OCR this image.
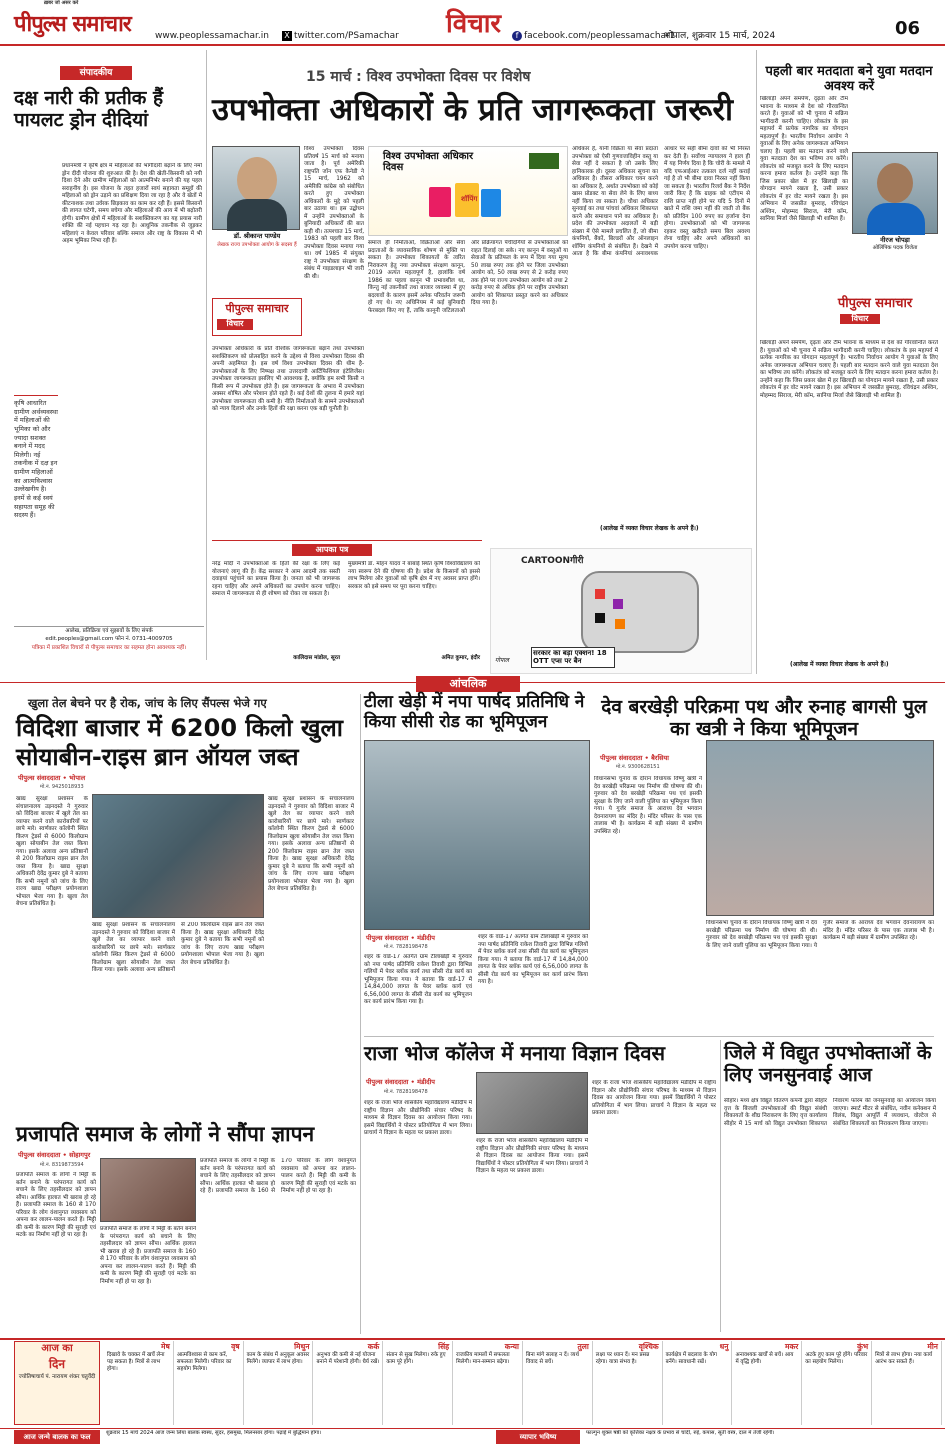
ख़बर जो असर करे
पीपुल्स समाचार	www.peoplessamachar.in X twitter.com/PSamachar विचार	f facebook.com/peoplessamachar1
भोपाल, शुक्रवार 15 मार्च, 2024	06
संपादकीय
दक्ष नारी की प्रतीक हैं पायलट ड्रोन दीदियां
प्रधानमंत्री ने कृषि क्षेत्र में महिलाओं की भागीदारी बढ़ाने के लिए नमो ड्रोन दीदी योजना की शुरुआत की है। देश की खेती-किसानी को नयी दिशा देने और ग्रामीण महिलाओं को आत्मनिर्भर बनाने की यह पहल सराहनीय है। इस योजना के तहत हजारों स्वयं सहायता समूहों की महिलाओं को ड्रोन उड़ाने का प्रशिक्षण दिया जा रहा है और वे खेतों में कीटनाशक तथा उर्वरक छिड़काव का काम कर रही हैं। इससे किसानों की लागत घटेगी, समय बचेगा और महिलाओं की आय में भी बढ़ोतरी होगी। ग्रामीण क्षेत्रों में महिलाओं के सशक्तिकरण का यह प्रयास नारी शक्ति की नई पहचान गढ़ रहा है। आधुनिक तकनीक से जुड़कर महिलाएं न केवल परिवार बल्कि समाज और राष्ट्र के विकास में भी अहम भूमिका निभा रही हैं।
कृषि आधारित ग्रामीण अर्थव्यवस्था में महिलाओं की भूमिका को और ज्यादा सशक्त बनाने में मदद मिलेगी। नई तकनीक में दक्ष इन ग्रामीण महिलाओं का आत्मविश्वास उल्लेखनीय है। इनमें से कई स्वयं सहायता समूह की सदस्य हैं।
आलेख, प्रतिक्रिया एवं सुझावों के लिए संपर्क
edit.peoples@gmail.com फोन नं. 0731-4009705
पत्रिका में प्रकाशित विचारों से पीपुल्स समाचार का सहमत होना आवश्यक नहीं।
15 मार्च : विश्व उपभोक्ता दिवस पर विशेष
उपभोक्ता अधिकारों के प्रति जागरूकता जरूरी
डॉ. श्रीकान्त पाण्डेय
लेखक राज्य उपभोक्ता आयोग के सदस्य हैं
पीपुल्स समाचार
विचार
विश्व उपभोक्ता दिवस प्रतिवर्ष 15 मार्च को मनाया जाता है। पूर्व अमेरिकी राष्ट्रपति जॉन एफ कैनेडी ने 15 मार्च, 1962 को अमेरिकी कांग्रेस को संबोधित करते हुए उपभोक्ता अधिकारों के मुद्दे को पहली बार उठाया था। इस उद्बोधन में उन्होंने उपभोक्ताओं के बुनियादी अधिकारों की बात कही थी। तत्पश्चात 15 मार्च, 1983 को पहली बार विश्व उपभोक्ता दिवस मनाया गया था। वर्ष 1985 में संयुक्त राष्ट्र ने उपभोक्ता संरक्षण के संबंध में गाइडलाइन भी जारी की थी।
उपभोक्ता अधिकारों के प्रति वैश्विक जागरूकता बढ़ाने तथा उपभोक्ता सशक्तिकरण को प्रोत्साहित करने के उद्देश्य से विश्व उपभोक्ता दिवस की अपनी अहमियत है। इस वर्ष विश्व उपभोक्ता दिवस की थीम है- उपभोक्ताओं के लिए निष्पक्ष तथा उत्तरदायी आर्टिफिशियल इंटेलिजेंस। उपभोक्ता जागरूकता इसलिए भी आवश्यक है, क्योंकि हम सभी किसी न किसी रूप में उपभोक्ता होते हैं। इस जागरूकता के अभाव में उपभोक्ता अक्सर शोषित और परेशान होते रहते हैं। कई देशों की तुलना में हमारे यहां उपभोक्ता जागरूकता की कमी है। नीति निर्माताओं के सामने उपभोक्ताओं को न्याय दिलाने और उनके हितों की रक्षा करना एक बड़ी चुनौती है।
विश्व उपभोक्ता अधिकार दिवस
शॉपिंग
समाज ही निर्माताओं, विक्रेताओं और सेवा प्रदाताओं के व्यावसायिक शोषण से मुक्ति पा सकता है। उपभोक्ता शिकायतों के त्वरित निराकरण हेतु नया उपभोक्ता संरक्षण कानून, 2019 अत्यंत महत्वपूर्ण है, हालांकि वर्ष 1986 का पहला कानून भी प्रभावशील था, किन्तु नई तकनीकों तथा बाजार व्यवस्था में हुए बदलावों के कारण इसमें अनेक परिवर्तन जरूरी हो गए थे। नए अधिनियम में कई बुनियादी फेरबदल किए गए हैं, ताकि कानूनी जटिलताओं और प्रक्रियागत पेचीदगियों से उपभोक्ताओं को राहत दिलाई जा सके। नए कानून में वस्तुओं या सेवाओं के प्रतिफल के रूप में दिया गया मूल्य 50 लाख रुपए तक होने पर जिला उपभोक्ता आयोग को, 50 लाख रुपए से 2 करोड़ रुपए तक होने पर राज्य उपभोक्ता आयोग को तथा 2 करोड़ रुपए से अधिक होने पर राष्ट्रीय उपभोक्ता आयोग को शिकायत प्रस्तुत करने का अधिकार दिया गया है।
अधिकार है, यानी विक्रेता या सेवा प्रदाता उपभोक्ता को ऐसी गुणवत्ताविहीन वस्तु या सेवा नहीं दे सकता है जो उसके लिए हानिकारक हो। दूसरा अधिकार सूचना का अधिकार है। तीसरा अधिकार चयन करने का अधिकार है, अर्थात उपभोक्ता को कोई खास प्रोडक्ट या सेवा लेने के लिए बाध्य नहीं किया जा सकता है। चौथा अधिकार सुनवाई का तथा पांचवां अधिकार शिकायत करने और समाधान पाने का अधिकार है। प्रदेश की उपभोक्ता अदालतों में बड़ी संख्या में ऐसे मामले प्रचलित हैं, जो बीमा कंपनियों, बैंकों, बिल्डरों और ऑनलाइन शॉपिंग कंपनियों से संबंधित हैं। देखने में आता है कि बीमा कंपनियां अनावश्यक आधार पर सही बीमा दावों को भी निरस्त कर देती हैं। सर्वोच्च न्यायालय ने हाल ही में यह निर्णय दिया है कि चोरी के मामले में यदि एफआईआर तत्काल दर्ज नहीं कराई गई है तो भी बीमा दावा निरस्त नहीं किया जा सकता है। भारतीय रिजर्व बैंक ने निर्देश जारी किए हैं कि ग्राहक को एटीएम से राशि प्राप्त नहीं होने पर यदि 5 दिनों में खाते में राशि जमा नहीं की जाती तो बैंक को प्रतिदिन 100 रुपए का हर्जाना देना होगा। उपभोक्ताओं को भी जागरूक रहकर वस्तु खरीदते समय बिल अवश्य लेना चाहिए और अपने अधिकारों का उपयोग करना चाहिए।
(आलेख में व्यक्त विचार लेखक के अपने हैं।)
आपका पत्र
नरेंद्र मोदी ने उपभोक्ताओं के हितों की रक्षा के लिए कई योजनाएं लागू की हैं। केंद्र सरकार ने आम आदमी तक सस्ती दवाइयां पहुंचाने का प्रयास किया है। जनता को भी जागरूक रहना चाहिए और अपने अधिकारों का उपयोग करना चाहिए। समाज में जागरूकता से ही शोषण को रोका जा सकता है।
कालिदास मांडोल, सूरत
मुख्यमंत्री डॉ. मोहन यादव ने बाबाई स्थित कृषि विश्वविद्यालय को नया स्वरूप देने की घोषणा की है। प्रदेश के किसानों को इससे लाभ मिलेगा और युवाओं को कृषि क्षेत्र में नए अवसर प्राप्त होंगे। सरकार को इसे समय पर पूरा करना चाहिए।
अमित कुमार, इंदौर
CARTOONगीरी
सरकार का बड़ा एक्शन! 18 OTT एप्स पर बैन
गोपाल
पहली बार मतदाता बने युवा मतदान अवश्य करें
नीरज चोपड़ा
ओलिंपिक पदक विजेता
पीपुल्स समाचार
विचार
खिलाड़ी अपने समर्पण, दृढ़ता और टीम भावना के माध्यम से देश को गौरवान्वित करते हैं। युवाओं को भी चुनाव में सक्रिय भागीदारी करनी चाहिए। लोकतंत्र के इस महापर्व में प्रत्येक नागरिक का योगदान महत्वपूर्ण है। भारतीय निर्वाचन आयोग ने युवाओं के लिए अनेक जागरूकता अभियान चलाए हैं। पहली बार मतदान करने वाले युवा मतदाता देश का भविष्य तय करेंगे। लोकतंत्र को मजबूत करने के लिए मतदान करना हमारा कर्तव्य है। उन्होंने कहा कि जिस प्रकार खेल में हर खिलाड़ी का योगदान मायने रखता है, उसी प्रकार लोकतंत्र में हर वोट मायने रखता है। इस अभियान में जसप्रीत बुमराह, रविचंद्रन अश्विन, मोहम्मद सिराज, मेरी कॉम, सानिया मिर्जा जैसे खिलाड़ी भी शामिल हैं।
खिलाड़ी अपने समर्पण, दृढ़ता और टीम भावना के माध्यम से देश को गौरवान्वित करते हैं। युवाओं को भी चुनाव में सक्रिय भागीदारी करनी चाहिए। लोकतंत्र के इस महापर्व में प्रत्येक नागरिक का योगदान महत्वपूर्ण है। भारतीय निर्वाचन आयोग ने युवाओं के लिए अनेक जागरूकता अभियान चलाए हैं। पहली बार मतदान करने वाले युवा मतदाता देश का भविष्य तय करेंगे। लोकतंत्र को मजबूत करने के लिए मतदान करना हमारा कर्तव्य है। उन्होंने कहा कि जिस प्रकार खेल में हर खिलाड़ी का योगदान मायने रखता है, उसी प्रकार लोकतंत्र में हर वोट मायने रखता है। इस अभियान में जसप्रीत बुमराह, रविचंद्रन अश्विन, मोहम्मद सिराज, मेरी कॉम, सानिया मिर्जा जैसे खिलाड़ी भी शामिल हैं।
(आलेख में व्यक्त विचार लेखक के अपने हैं।)
आंचलिक
खुला तेल बेचने पर है रोक, जांच के लिए सैंपल्स भेजे गए
विदिशा बाजार में 6200 किलो खुला सोयाबीन-राइस ब्रान ऑयल जब्त
पीपुल्स संवाददाता • भोपाल
मो.नं. 9425018933
खाद्य सुरक्षा प्रशासन के संचालनालय उड़नदस्ते ने गुरुवार को विदिशा बाजार में खुले तेल का व्यापार करने वाले कारोबारियों पर छापे मारे। स्वर्णकार कॉलोनी स्थित किरण ट्रेडर्स से 6000 किलोग्राम खुला सोयाबीन तेल जब्त किया गया। इसके अलावा अन्य प्रतिष्ठानों से 200 किलोग्राम राइस ब्रान तेल जब्त किया है। खाद्य सुरक्षा अधिकारी देवेंद्र कुमार दुबे ने बताया कि सभी नमूनों को जांच के लिए राज्य खाद्य परीक्षण प्रयोगशाला भोपाल भेजा गया है। खुला तेल बेचना प्रतिबंधित है।
खाद्य सुरक्षा प्रशासन के संचालनालय उड़नदस्ते ने गुरुवार को विदिशा बाजार में खुले तेल का व्यापार करने वाले कारोबारियों पर छापे मारे। स्वर्णकार कॉलोनी स्थित किरण ट्रेडर्स से 6000 किलोग्राम खुला सोयाबीन तेल जब्त किया गया। इसके अलावा अन्य प्रतिष्ठानों से 200 किलोग्राम राइस ब्रान तेल जब्त किया है। खाद्य सुरक्षा अधिकारी देवेंद्र कुमार दुबे ने बताया कि सभी नमूनों को जांच के लिए राज्य खाद्य परीक्षण प्रयोगशाला भोपाल भेजा गया है। खुला तेल बेचना प्रतिबंधित है।
खाद्य सुरक्षा प्रशासन के संचालनालय उड़नदस्ते ने गुरुवार को विदिशा बाजार में खुले तेल का व्यापार करने वाले कारोबारियों पर छापे मारे। स्वर्णकार कॉलोनी स्थित किरण ट्रेडर्स से 6000 किलोग्राम खुला सोयाबीन तेल जब्त किया गया। इसके अलावा अन्य प्रतिष्ठानों से 200 किलोग्राम राइस ब्रान तेल जब्त किया है। खाद्य सुरक्षा अधिकारी देवेंद्र कुमार दुबे ने बताया कि सभी नमूनों को जांच के लिए राज्य खाद्य परीक्षण प्रयोगशाला भोपाल भेजा गया है। खुला तेल बेचना प्रतिबंधित है।
प्रजापति समाज के लोगों ने सौंपा ज्ञापन
पीपुल्स संवाददाता • सोहागपुर
मो.नं. 8319873594
प्रजापति समाज के लोगों ने मिट्टी के बर्तन बनाने के परंपरागत कार्य को बचाने के लिए तहसीलदार को ज्ञापन सौंपा। आर्थिक हालात भी खराब हो रहे हैं। प्रजापति समाज के 160 से 170 परिवार के लोग वंशानुगत व्यवसाय को अपना कर लालन-पालन करते हैं। मिट्टी की कमी के कारण मिट्टी की सुराही एवं मटके का निर्माण नहीं हो पा रहा है।
प्रजापति समाज के लोगों ने मिट्टी के बर्तन बनाने के परंपरागत कार्य को बचाने के लिए तहसीलदार को ज्ञापन सौंपा। आर्थिक हालात भी खराब हो रहे हैं। प्रजापति समाज के 160 से 170 परिवार के लोग वंशानुगत व्यवसाय को अपना कर लालन-पालन करते हैं। मिट्टी की कमी के कारण मिट्टी की सुराही एवं मटके का निर्माण नहीं हो पा रहा है।
प्रजापति समाज के लोगों ने मिट्टी के बर्तन बनाने के परंपरागत कार्य को बचाने के लिए तहसीलदार को ज्ञापन सौंपा। आर्थिक हालात भी खराब हो रहे हैं। प्रजापति समाज के 160 से 170 परिवार के लोग वंशानुगत व्यवसाय को अपना कर लालन-पालन करते हैं। मिट्टी की कमी के कारण मिट्टी की सुराही एवं मटके का निर्माण नहीं हो पा रहा है।
टीला खेड़ी में नपा पार्षद प्रतिनिधि ने किया सीसी रोड का भूमिपूजन
पीपुल्स संवाददाता • मंडीदीप
मो.नं. 7828198478
शहर के वार्ड-17 अंतर्गत ग्राम टीलाखेड़ी में गुरुवार को नपा पार्षद प्रतिनिधि राकेश तिवारी द्वारा विभिन्न गलियों में पेवर ब्लॉक कार्य तथा सीसी रोड कार्य का भूमिपूजन किया गया। ने बताया कि वार्ड-17 में 14,84,000 लागत के पेवर ब्लॉक कार्य एवं 6,56,000 लागत के सीसी रोड कार्य का भूमिपूजन कर कार्य प्रारंभ किया गया है।
शहर के वार्ड-17 अंतर्गत ग्राम टीलाखेड़ी में गुरुवार को नपा पार्षद प्रतिनिधि राकेश तिवारी द्वारा विभिन्न गलियों में पेवर ब्लॉक कार्य तथा सीसी रोड कार्य का भूमिपूजन किया गया। ने बताया कि वार्ड-17 में 14,84,000 लागत के पेवर ब्लॉक कार्य एवं 6,56,000 लागत के सीसी रोड कार्य का भूमिपूजन कर कार्य प्रारंभ किया गया है।
देव बरखेड़ी परिक्रमा पथ और रुनाह बागसी पुल का खत्री ने किया भूमिपूजन
पीपुल्स संवाददाता • बैरसिया
मो.नं. 9300628151
विधानसभा चुनाव के दौरान विधायक विष्णु खत्री ने देव बरखेड़ी परिक्रमा पथ निर्माण की घोषणा की थी। गुरुवार को देव बरखेड़ी परिक्रमा पथ एवं इसकी सुरक्षा के लिए जाने वाली पुलिया का भूमिपूजन किया गया। ये गुर्जर समाज के आराध्य देव भगवान देवनारायण का मंदिर है। मंदिर परिसर के पास एक तालाब भी है। कार्यक्रम में बड़ी संख्या में ग्रामीण उपस्थित रहे।
विधानसभा चुनाव के दौरान विधायक विष्णु खत्री ने देव बरखेड़ी परिक्रमा पथ निर्माण की घोषणा की थी। गुरुवार को देव बरखेड़ी परिक्रमा पथ एवं इसकी सुरक्षा के लिए जाने वाली पुलिया का भूमिपूजन किया गया। ये गुर्जर समाज के आराध्य देव भगवान देवनारायण का मंदिर है। मंदिर परिसर के पास एक तालाब भी है। कार्यक्रम में बड़ी संख्या में ग्रामीण उपस्थित रहे।
राजा भोज कॉलेज में मनाया विज्ञान दिवस
पीपुल्स संवाददाता • मंडीदीप
मो.नं. 7828198478
शहर के राजा भोज शासकीय महाविद्यालय मंडीदीप में राष्ट्रीय विज्ञान और प्रौद्योगिकी संचार परिषद के माध्यम से विज्ञान दिवस का आयोजन किया गया। इसमें विद्यार्थियों ने पोस्टर प्रतियोगिता में भाग लिया। प्राचार्य ने विज्ञान के महत्व पर प्रकाश डाला।
शहर के राजा भोज शासकीय महाविद्यालय मंडीदीप में राष्ट्रीय विज्ञान और प्रौद्योगिकी संचार परिषद के माध्यम से विज्ञान दिवस का आयोजन किया गया। इसमें विद्यार्थियों ने पोस्टर प्रतियोगिता में भाग लिया। प्राचार्य ने विज्ञान के महत्व पर प्रकाश डाला।
शहर के राजा भोज शासकीय महाविद्यालय मंडीदीप में राष्ट्रीय विज्ञान और प्रौद्योगिकी संचार परिषद के माध्यम से विज्ञान दिवस का आयोजन किया गया। इसमें विद्यार्थियों ने पोस्टर प्रतियोगिता में भाग लिया। प्राचार्य ने विज्ञान के महत्व पर प्रकाश डाला।
जिले में विद्युत उपभोक्ताओं के लिए जनसुनवाई आज
सीहोर। मध्य क्षेत्र विद्युत वितरण कंपनी द्वारा सीहोर वृत्त के बिजली उपभोक्ताओं की विद्युत संबंधी शिकायतों के शीघ्र निराकरण के लिए वृत्त कार्यालय सीहोर में 15 मार्च को विद्युत उपभोक्ता शिकायत निवारण फोरम की जनसुनवाई का आयोजन किया जाएगा। स्मार्ट मीटर से संबंधित, नवीन कनेक्शन में विलंब, विद्युत आपूर्ति में व्यवधान, वोल्टेज से संबंधित शिकायतों का निराकरण किया जाएगा।
आज का
दिन
ज्योतिषाचार्य पं. नारायण शंकर चतुर्वेदी
मेष
दिखावे के चक्कर में खर्चे लेना पड़ सकता है। मित्रों से लाभ होगा।
वृष
आत्मविश्वास से काम करें, सफलता मिलेगी। परिवार का सहयोग मिलेगा।
मिथुन
काम के संबंध में अनुकूल अवसर मिलेंगे। व्यापार में लाभ होगा।
कर्क
अनुभव की कमी से नई योजना बनाने में परेशानी होगी। धैर्य रखें।
सिंह
संतान से सुख मिलेगा। रुके हुए काम पूरे होंगे।
कन्या
राजकीय मामलों में सफलता मिलेगी। मान-सम्मान बढ़ेगा।
तुला
बिना मांगे सलाह न दें। व्यर्थ विवाद से बचें।
वृश्चिक
लक्ष्य पर ध्यान दें। मन प्रसन्न रहेगा। यात्रा संभव है।
धनु
कार्यक्षेत्र में बदलाव के योग बनेंगे। सावधानी रखें।
मकर
अनावश्यक खर्चों से बचें। आय में वृद्धि होगी।
कुंभ
अटके हुए काम पूरे होंगे। परिवार का सहयोग मिलेगा।
मीन
मित्रों से लाभ होगा। नया कार्य आरंभ कर सकते हैं।
आज जन्मे बालक का फल	शुक्रवार 15 मार्च 2024 आज जन्म लिया बालक स्वस्थ, सुंदर, हंसमुख, मिलनसार होगा। पढ़ाई में बुद्धिमान होगा।	व्यापार भविष्य	फाल्गुन शुक्ल षष्ठी को कृत्तिका नक्षत्र के प्रभाव से चांदी, रुई, कपास, सूती वस्त्र, दाल में तेजी रहेगी।
